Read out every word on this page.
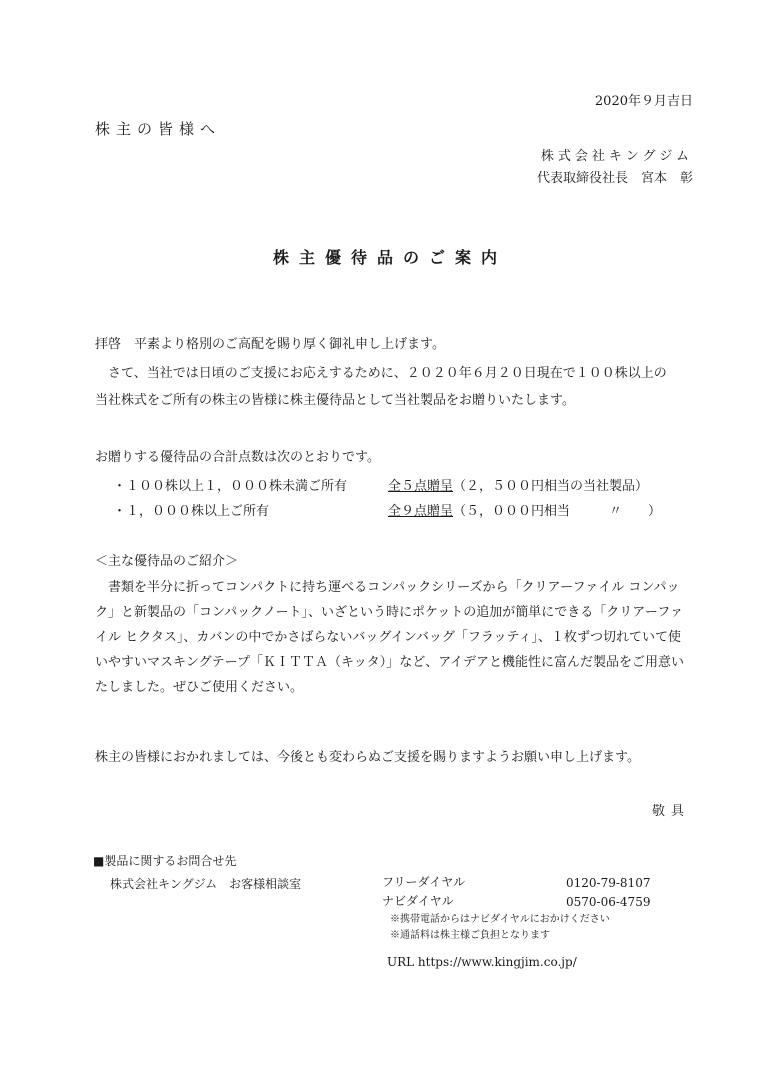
2020年９月吉日
株主の皆様へ
株式会社キングジム
代表取締役社長　宮本　彰
株主優待品のご案内
拝啓　平素より格別のご高配を賜り厚く御礼申し上げます。
さて、当社では日頃のご支援にお応えするために、２０２０年６月２０日現在で１００株以上の
当社株式をご所有の株主の皆様に株主優待品として当社製品をお贈りいたします。
お贈りする優待品の合計点数は次のとおりです。
・１００株以上１，０００株未満ご所有	全５点贈呈（２，５００円相当の当社製品）
・１，０００株以上ご所有	全９点贈呈（５，０００円相当　　　〃　　）
＜主な優待品のご紹介＞
書類を半分に折ってコンパクトに持ち運べるコンパックシリーズから「クリアーファイル コンパック」と新製品の「コンパックノート」、いざという時にポケットの追加が簡単にできる「クリアーファイル ヒクタス」、カバンの中でかさばらないバッグインバッグ「フラッティ」、１枚ずつ切れていて使いやすいマスキングテープ「ＫＩＴＴＡ（キッタ）」など、アイデアと機能性に富んだ製品をご用意いたしました。ぜひご使用ください。
株主の皆様におかれましては、今後とも変わらぬご支援を賜りますようお願い申し上げます。
敬具
■製品に関するお問合せ先
株式会社キングジム　お客様相談室	フリーダイヤル	0120-79-8107
ナビダイヤル	0570-06-4759
※携帯電話からはナビダイヤルにおかけください
※通話料は株主様ご負担となります
URL https://www.kingjim.co.jp/
